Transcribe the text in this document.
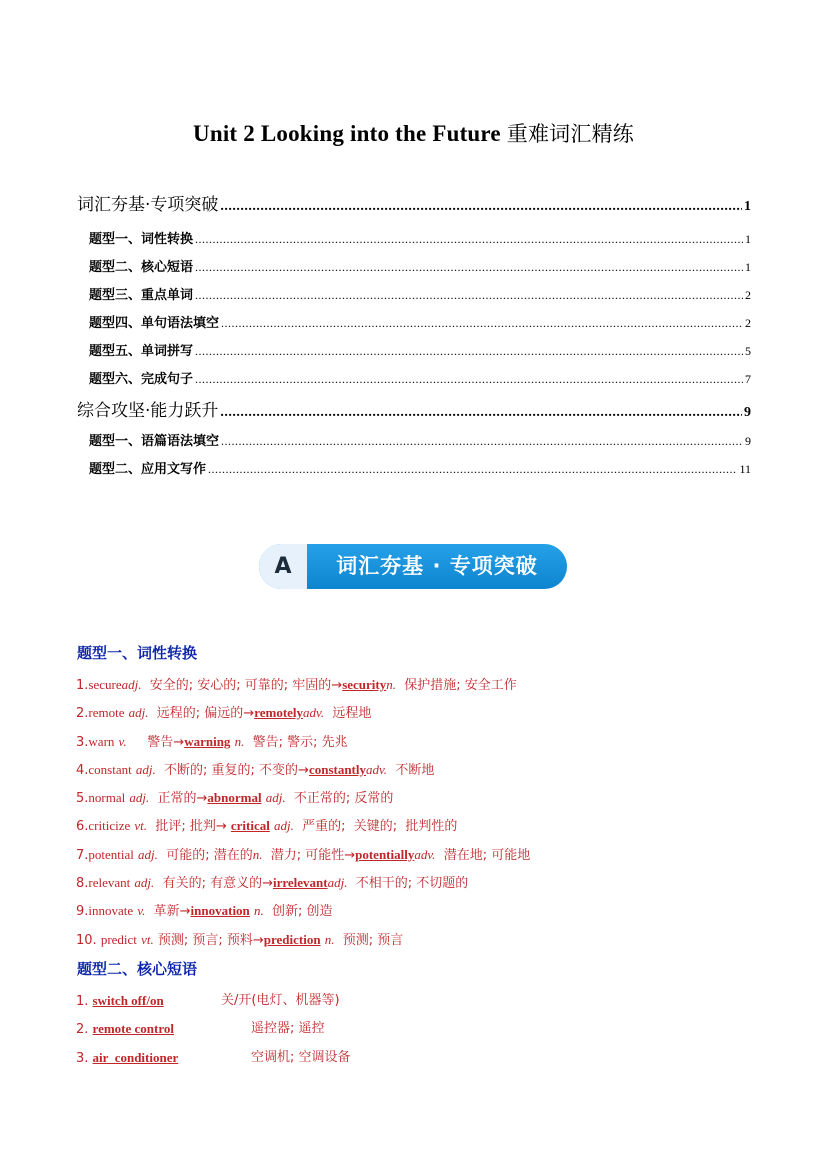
Unit 2 Looking into the Future 重难词汇精练
词汇夯基·专项突破 .....	1
题型一、词性转换 .....	1
题型二、核心短语 .....	1
题型三、重点单词 .....	2
题型四、单句语法填空 .....	2
题型五、单词拼写 .....	5
题型六、完成句子 .....	7
综合攻坚·能力跃升 .....	9
题型一、语篇语法填空 .....	9
题型二、应用文写作 .....	11
A	词汇夯基 · 专项突破
题型一、词性转换
1.secureadj. 安全的; 安心的; 可靠的; 牢固的→securityn. 保护措施; 安全工作
2.remote adj. 远程的; 偏远的→remotelyadv. 远程地
3.warn v. 警告→warning n. 警告; 警示; 先兆
4.constant adj. 不断的; 重复的; 不变的→constantlyadv. 不断地
5.normal adj. 正常的→abnormal adj. 不正常的; 反常的
6.criticize vt. 批评; 批判→ critical adj. 严重的;  关键的;  批判性的
7.potential adj. 可能的; 潜在的n. 潜力; 可能性→potentiallyadv. 潜在地; 可能地
8.relevant adj. 有关的; 有意义的→irrelevantadj. 不相干的; 不切题的
9.innovate v. 革新→innovation n. 创新; 创造
10. predict vt. 预测; 预言; 预料→prediction n. 预测; 预言
题型二、核心短语
1. switch off/on	关/开(电灯、机器等)
2. remote control	遥控器; 遥控
3. air  conditioner	空调机; 空调设备
